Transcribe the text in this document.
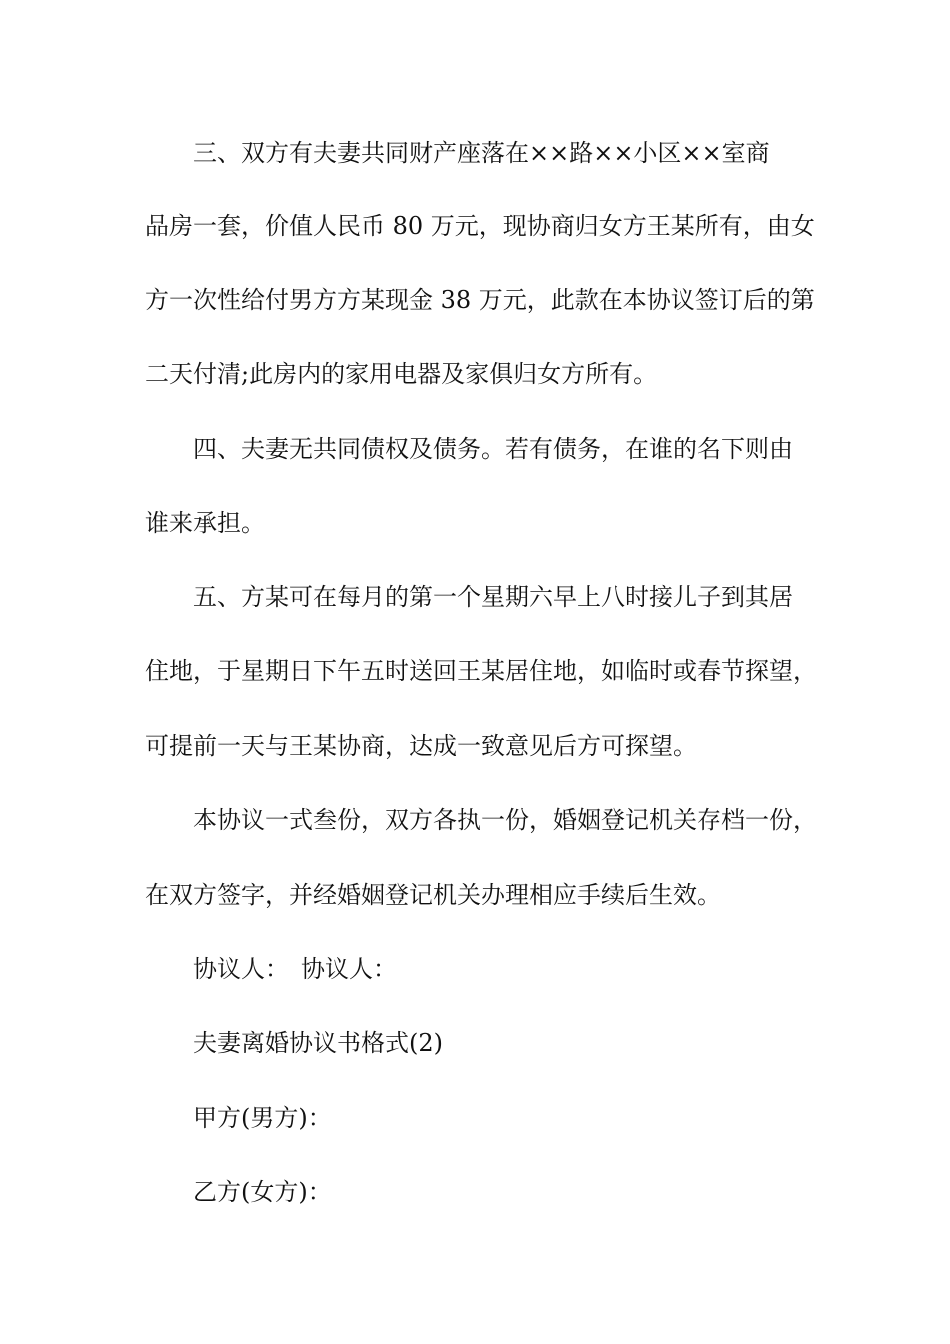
三、双方有夫妻共同财产座落在××路××小区××室商
品房一套，价值人民币 80 万元，现协商归女方王某所有，由女
方一次性给付男方方某现金 38 万元，此款在本协议签订后的第
二天付清;此房内的家用电器及家俱归女方所有。
四、夫妻无共同债权及债务。若有债务，在谁的名下则由
谁来承担。
五、方某可在每月的第一个星期六早上八时接儿子到其居
住地，于星期日下午五时送回王某居住地，如临时或春节探望，
可提前一天与王某协商，达成一致意见后方可探望。
本协议一式叁份，双方各执一份，婚姻登记机关存档一份，
在双方签字，并经婚姻登记机关办理相应手续后生效。
协议人：　协议人：
夫妻离婚协议书格式(2)
甲方(男方)：
乙方(女方)：
